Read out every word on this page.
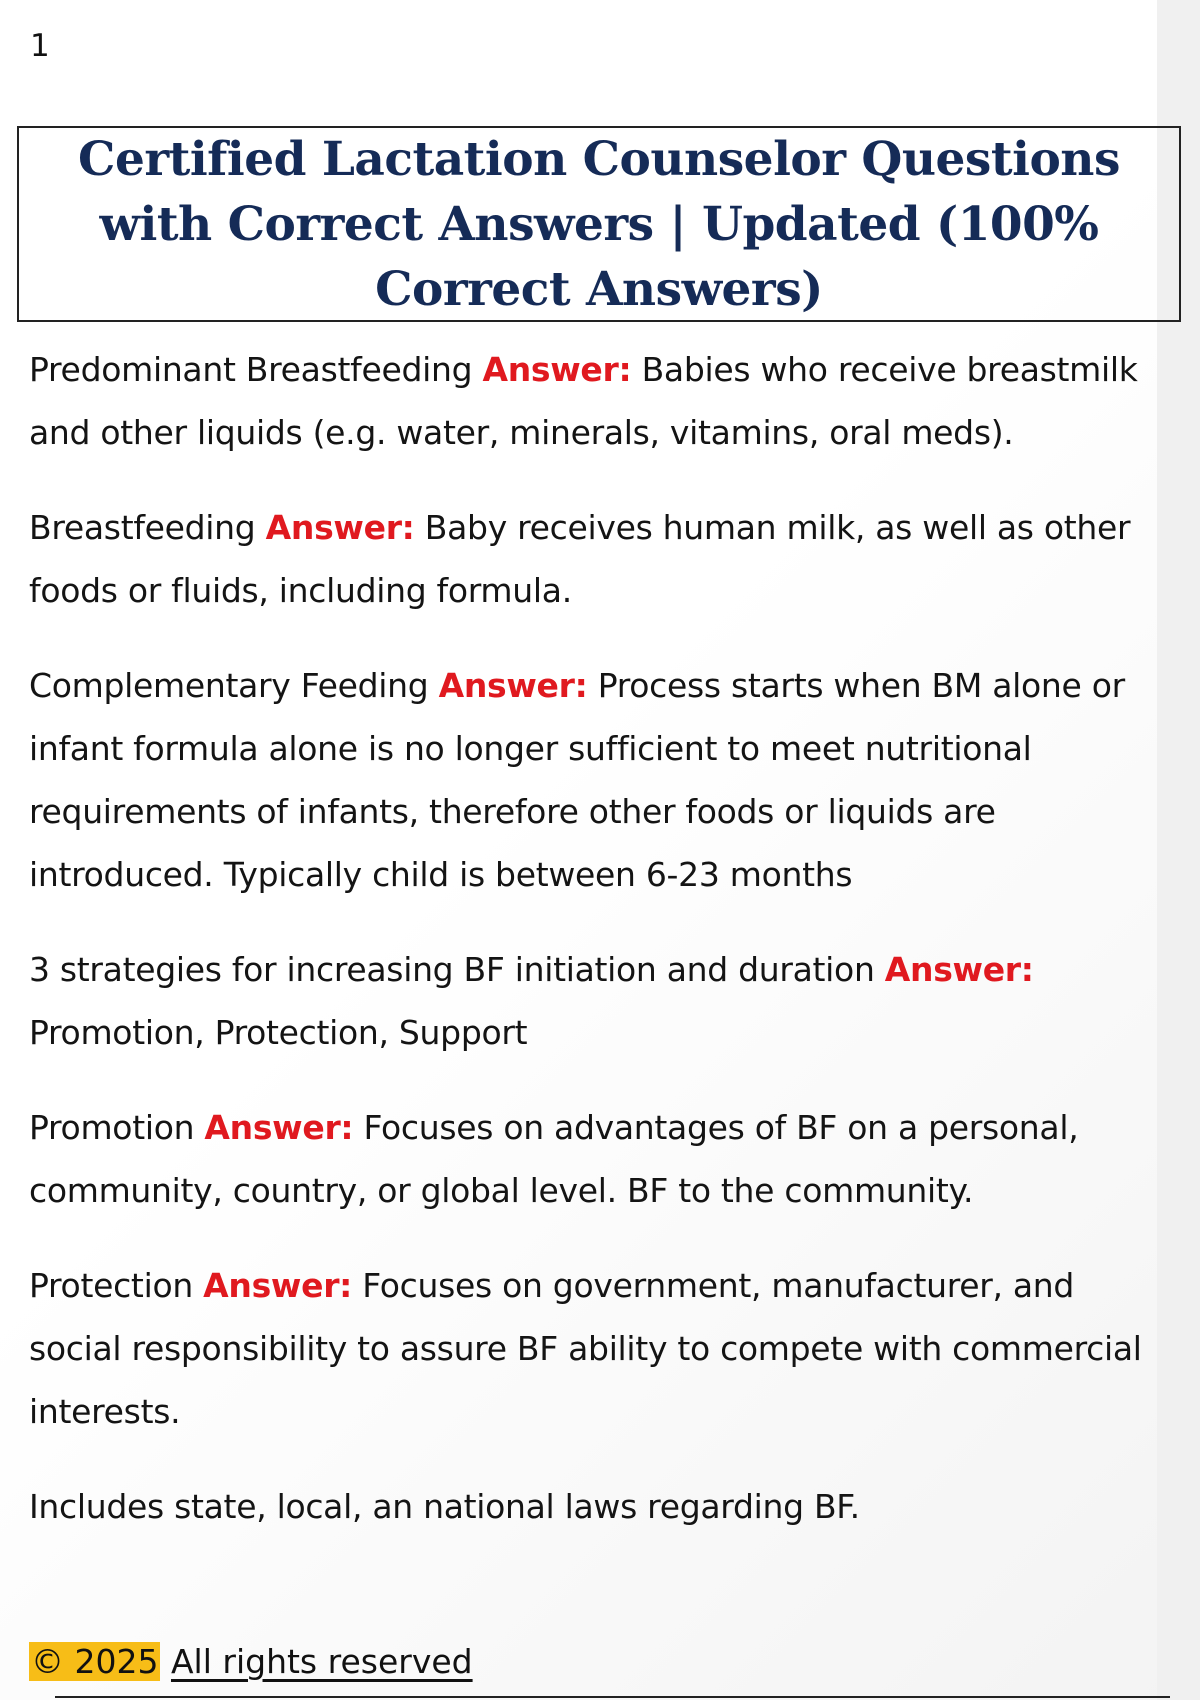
1
Certified Lactation Counselor Questions with Correct Answers | Updated (100% Correct Answers)

Predominant Breastfeeding Answer: Babies who receive breastmilk and other liquids (e.g. water, minerals, vitamins, oral meds).

Breastfeeding Answer: Baby receives human milk, as well as other foods or fluids, including formula.

Complementary Feeding Answer: Process starts when BM alone or infant formula alone is no longer sufficient to meet nutritional requirements of infants, therefore other foods or liquids are introduced. Typically child is between 6-23 months

3 strategies for increasing BF initiation and duration Answer: Promotion, Protection, Support

Promotion Answer: Focuses on advantages of BF on a personal, community, country, or global level. BF to the community.

Protection Answer: Focuses on government, manufacturer, and social responsibility to assure BF ability to compete with commercial interests.

Includes state, local, an national laws regarding BF.

© 2025 All rights reserved
